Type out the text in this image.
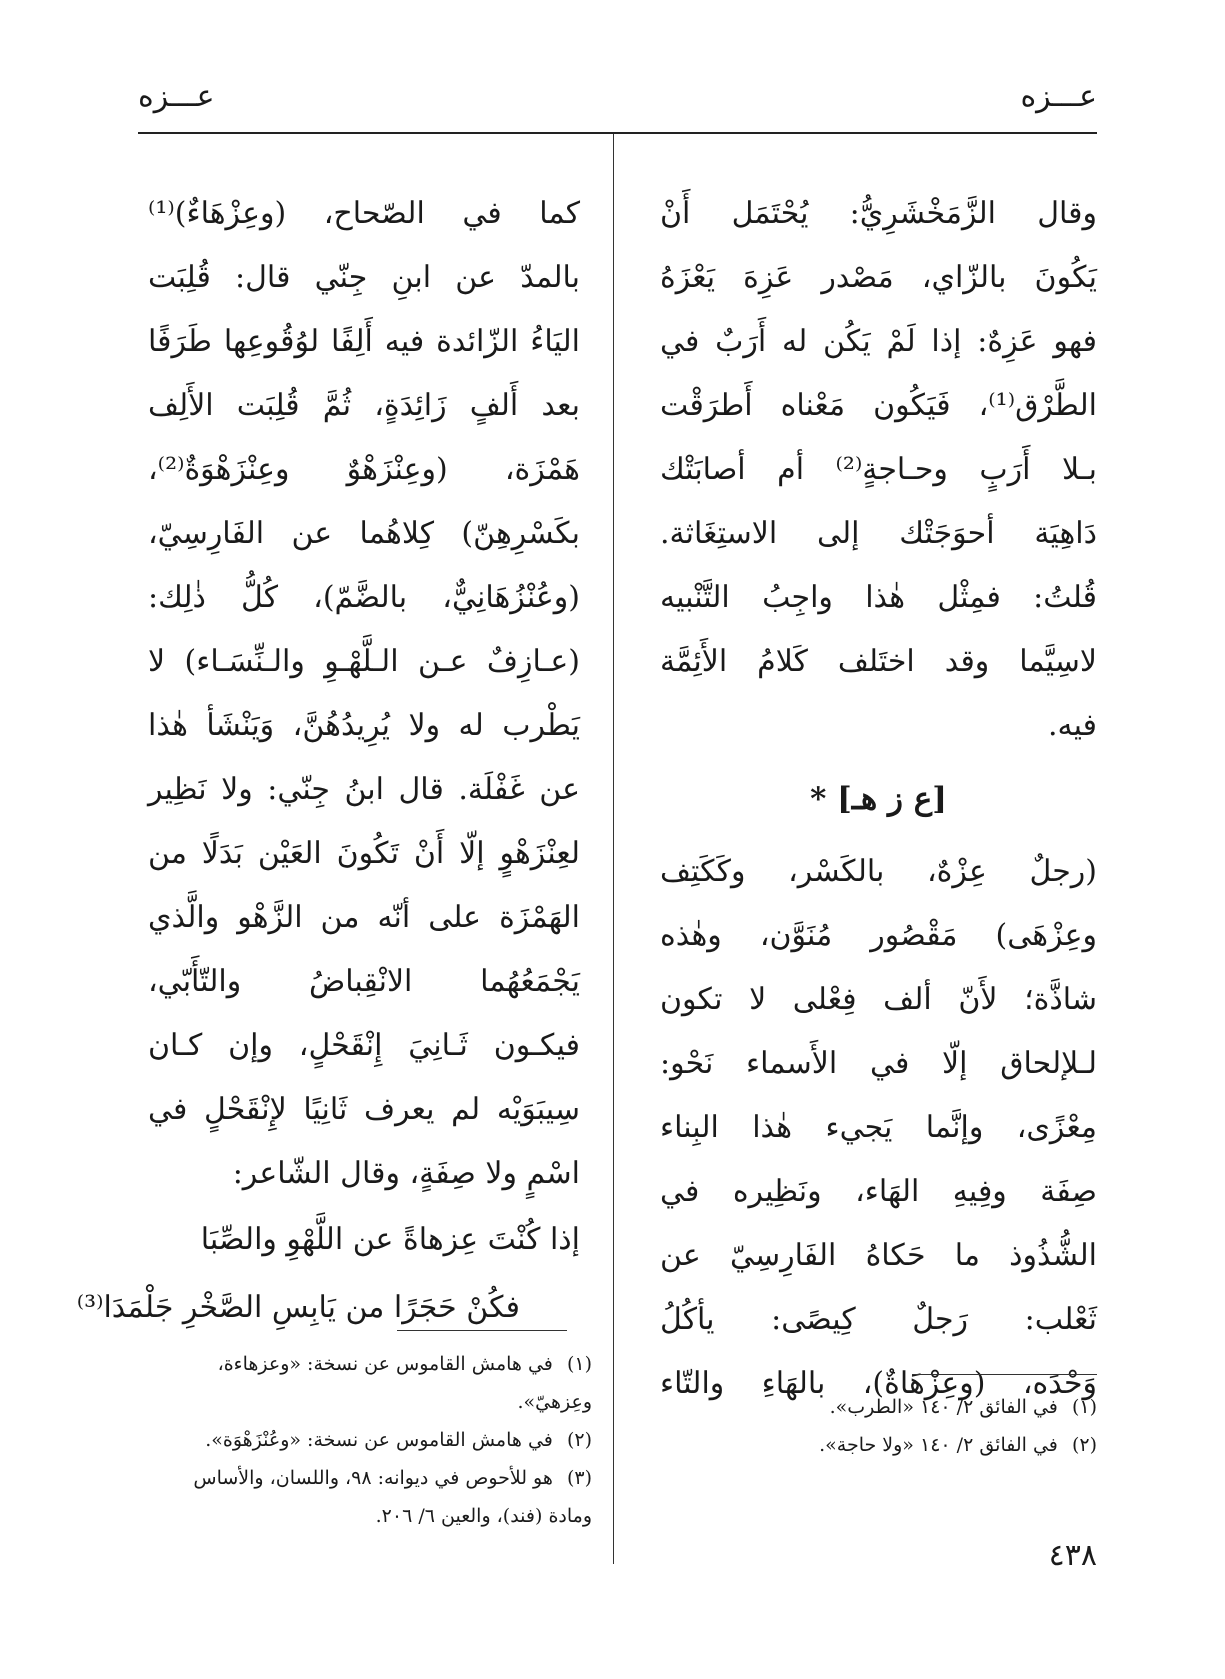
عـــزه
عـــزه
وقال الزَّمَخْشَرِيُّ: يُحْتَمَل أَنْ
يَكُونَ بالزّاي، مَصْدر عَزِهَ يَعْزَهُ
فهو عَزِهٌ: إذا لَمْ يَكُن له أَرَبٌ في
الطَّرْق⁽¹⁾، فَيَكُون مَعْناه أَطرَقْت
بـلا أَرَبٍ وحـاجةٍ⁽²⁾ أم أصابَتْك
دَاهِيَة أحوَجَتْك إلى الاستِغَاثة.
قُلتُ: فمِثْل هٰذا واجِبُ التَّنْبيه
لاسِيَّما وقد اختَلف كَلامُ الأَئِمَّة
فيه.
[ع ز هـ] *
(رجلٌ عِزْهٌ، بالكَسْر، وكَكَتِف
وعِزْهَى) مَقْصُور مُنَوَّن، وهٰذه
شاذَّة؛ لأَنّ ألف فِعْلى لا تكون
لـلإلحاق إلّا في الأَسماء نَحْو:
مِعْزًى، وإنَّما يَجيء هٰذا البِناء
صِفَة وفِيهِ الهَاء، ونَظِيره في
الشُّذُوذ ما حَكاهُ الفَارِسِيّ عن
ثَعْلب: رَجلٌ كِيصًى: يأكُلُ
وَحْدَه، (وعِزْهَاةٌ)، بالهَاءِ والتّاء
(١) في الفائق ٢/ ١٤٠ «الطرب».
(٢) في الفائق ٢/ ١٤٠ «ولا حاجة».
كما في الصّحاح، (وعِزْهَاءٌ)⁽¹⁾
بالمدّ عن ابنِ جِنّي قال: قُلِبَت
اليَاءُ الزّائدة فيه أَلِفًا لوُقُوعِها طَرَفًا
بعد أَلفٍ زَائِدَةٍ، ثُمَّ قُلِبَت الأَلِف
هَمْزَة، (وعِنْزَهْوٌ وعِنْزَهْوَةٌ⁽²⁾،
بكَسْرِهِنّ) كِلاهُما عن الفَارِسِيّ،
(وعُنْزُهَانِيٌّ، بالضَّمّ)، كُلُّ ذٰلِك:
(عـازِفٌ عـن الـلَّهْـوِ والـنِّسَـاء) لا
يَطْرب له ولا يُرِيدُهُنَّ، وَيَنْشَأ هٰذا
عن غَفْلَة. قال ابنُ جِنّي: ولا نَظِير
لعِنْزَهْوٍ إلّا أَنْ تَكُونَ العَيْن بَدَلًا من
الهَمْزَة على أنّه من الزَّهْو والَّذي
يَجْمَعُهُما الانْقِباضُ والتّأَبّي،
فيكـون ثَـانِيَ إِنْقَحْلٍ، وإن كـان
سِيبَوَيْه لم يعرف ثَانِيًا لإِنْقَحْلٍ في
اسْمٍ ولا صِفَةٍ، وقال الشّاعر:
إذا كُنْتَ عِزهاةً عن اللَّهْوِ والصِّبَا
فكُنْ حَجَرًا من يَابِسِ الصَّخْرِ جَلْمَدَا⁽³⁾
(١) في هامش القاموس عن نسخة: «وعزهاءة، وعِزهيّ».
(٢) في هامش القاموس عن نسخة: «وعُنْزَهْوَة».
(٣) هو للأحوص في ديوانه: ٩٨، واللسان، والأساس ومادة (فند)، والعين ٦/ ٢٠٦.
٤٣٨
